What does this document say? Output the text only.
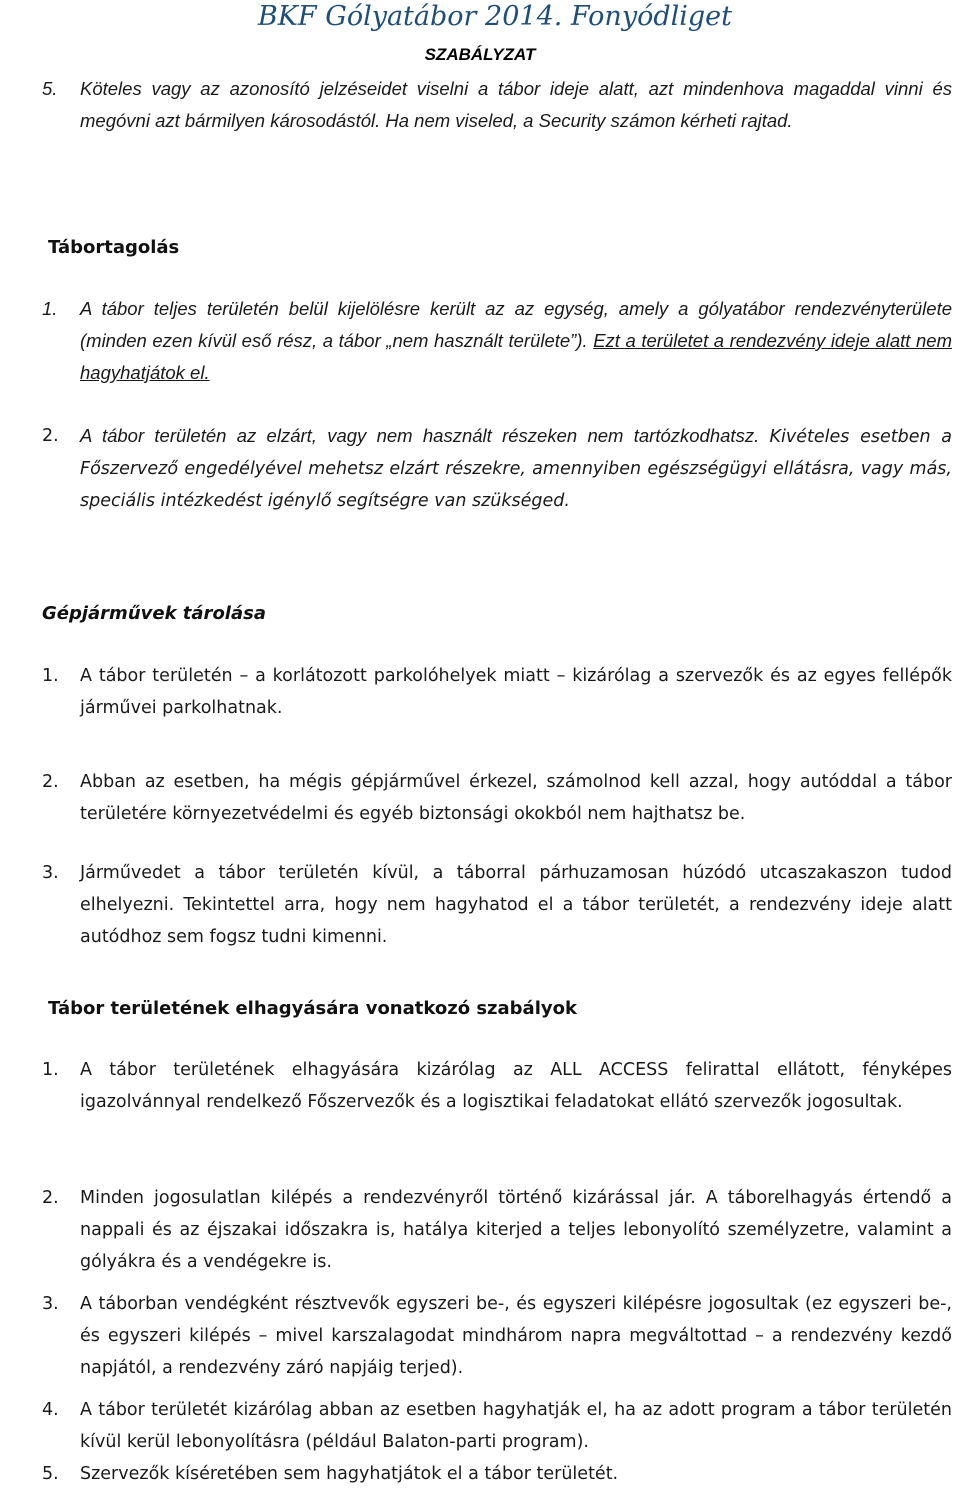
BKF Gólyatábor 2014. Fonyódliget
SZABÁLYZAT
5. Köteles vagy az azonosító jelzéseidet viselni a tábor ideje alatt, azt mindenhova magaddal vinni és megóvni azt bármilyen károsodástól. Ha nem viseled, a Security számon kérheti rajtad.
Tábortagolás
1. A tábor teljes területén belül kijelölésre került az az egység, amely a gólyatábor rendezvényterülete (minden ezen kívül eső rész, a tábor „nem használt területe”). Ezt a területet a rendezvény ideje alatt nem hagyhatjátok el.
2. A tábor területén az elzárt, vagy nem használt részeken nem tartózkodhatsz. Kivételes esetben a Főszervező engedélyével mehetsz elzárt részekre, amennyiben egészségügyi ellátásra, vagy más, speciális intézkedést igénylő segítségre van szükséged.
Gépjárművek tárolása
1. A tábor területén – a korlátozott parkolóhelyek miatt – kizárólag a szervezők és az egyes fellépők járművei parkolhatnak.
2. Abban az esetben, ha mégis gépjárművel érkezel, számolnod kell azzal, hogy autóddal a tábor területére környezetvédelmi és egyéb biztonsági okokból nem hajthatsz be.
3. Járművedet a tábor területén kívül, a táborral párhuzamosan húzódó utcaszakaszon tudod elhelyezni. Tekintettel arra, hogy nem hagyhatod el a tábor területét, a rendezvény ideje alatt autódhoz sem fogsz tudni kimenni.
Tábor területének elhagyására vonatkozó szabályok
1. A tábor területének elhagyására kizárólag az ALL ACCESS felirattal ellátott, fényképes igazolvánnyal rendelkező Főszervezők és a logisztikai feladatokat ellátó szervezők jogosultak.
2. Minden jogosulatlan kilépés a rendezvényről történő kizárással jár. A táborelhagyás értendő a nappali és az éjszakai időszakra is, hatálya kiterjed a teljes lebonyolító személyzetre, valamint a gólyákra és a vendégekre is.
3. A táborban vendégként résztvevők egyszeri be-, és egyszeri kilépésre jogosultak (ez egyszeri be-, és egyszeri kilépés – mivel karszalagodat mindhárom napra megváltottad – a rendezvény kezdő napjától, a rendezvény záró napjáig terjed).
4. A tábor területét kizárólag abban az esetben hagyhatják el, ha az adott program a tábor területén kívül kerül lebonyolításra (például Balaton-parti program).
5. Szervezők kíséretében sem hagyhatjátok el a tábor területét.
